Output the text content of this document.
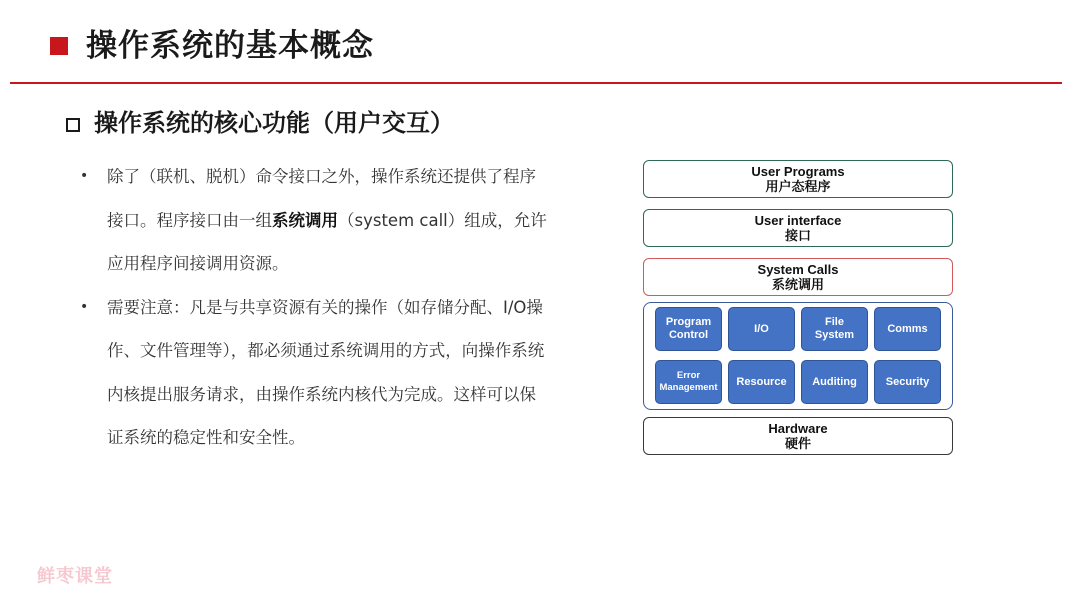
操作系统的基本概念
操作系统的核心功能（用户交互）
• 除了（联机、脱机）命令接口之外，操作系统还提供了程序接口。程序接口由一组系统调用（system call）组成，允许应用程序间接调用资源。
• 需要注意：凡是与共享资源有关的操作（如存储分配、I/O操作、文件管理等），都必须通过系统调用的方式，向操作系统内核提出服务请求，由操作系统内核代为完成。这样可以保证系统的稳定性和安全性。
User Programs
用户态程序
User interface
接口
System Calls
系统调用
Program
Control
I/O
File
System
Comms
Error
Management	Resource	Auditing	Security
Hardware
硬件

鲜枣课堂
